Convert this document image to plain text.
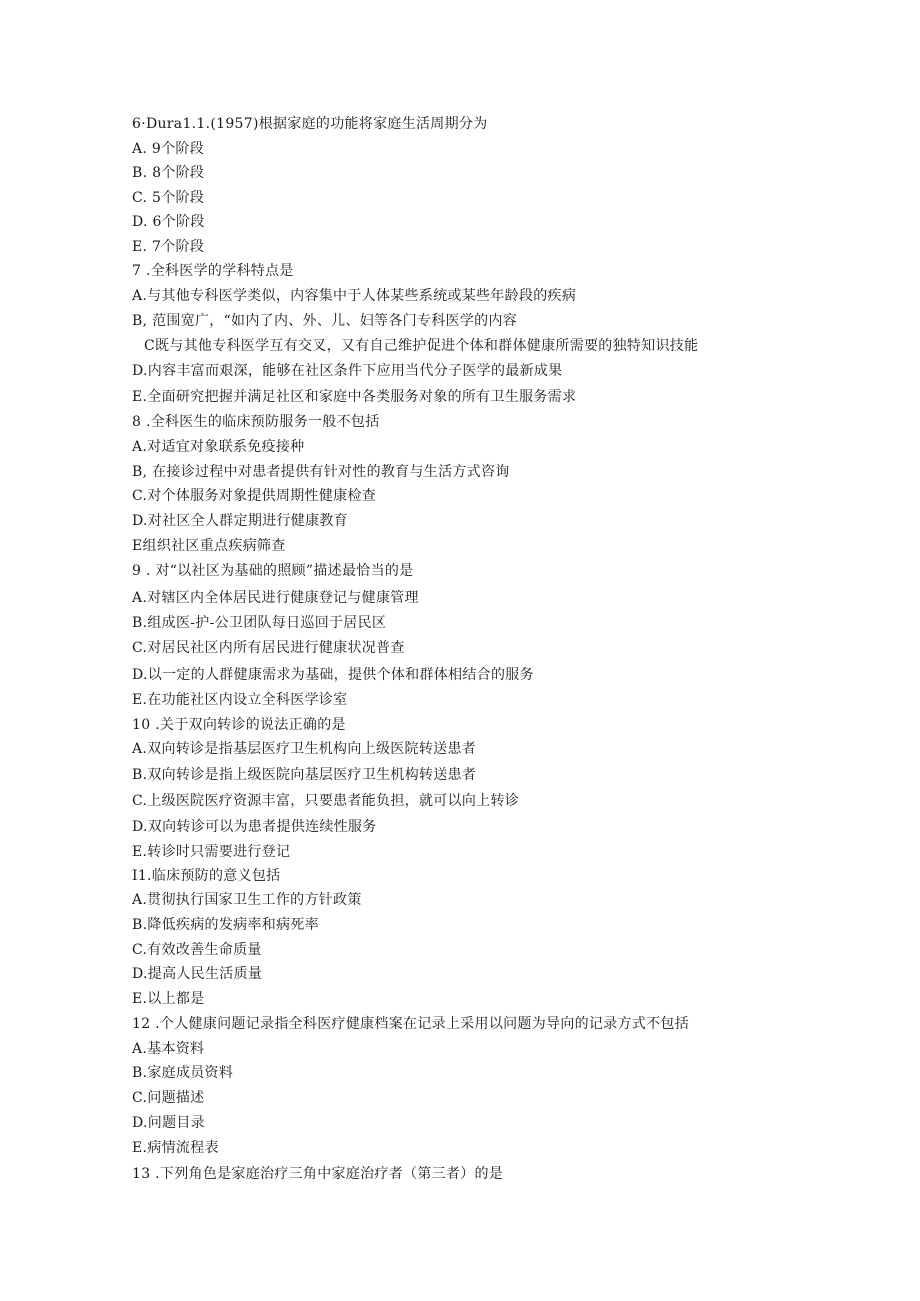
6·Dura1.1.(1957)根据家庭的功能将家庭生活周期分为
A. 9个阶段
B. 8个阶段
C. 5个阶段
D. 6个阶段
E. 7个阶段
7 .全科医学的学科特点是
A.与其他专科医学类似，内容集中于人体某些系统或某些年龄段的疾病
B, 范围宽广，“如内了内、外、儿、妇等各门专科医学的内容
C既与其他专科医学互有交叉，又有自己维护促进个体和群体健康所需要的独特知识技能
D.内容丰富而艰深，能够在社区条件下应用当代分子医学的最新成果
E.全面研究把握并满足社区和家庭中各类服务对象的所有卫生服务需求
8 .全科医生的临床预防服务一般不包括
A.对适宜对象联系免疫接种
B, 在接诊过程中对患者提供有针对性的教育与生活方式咨询
C.对个体服务对象提供周期性健康检查
D.对社区全人群定期进行健康教育
E组织社区重点疾病筛查
9 . 对“以社区为基础的照顾”描述最恰当的是
A.对辖区内全体居民进行健康登记与健康管理
B.组成医-护-公卫团队每日巡回于居民区
C.对居民社区内所有居民进行健康状况普查
D.以一定的人群健康需求为基础，提供个体和群体相结合的服务
E.在功能社区内设立全科医学诊室
10 .关于双向转诊的说法正确的是
A.双向转诊是指基层医疗卫生机构向上级医院转送患者
B.双向转诊是指上级医院向基层医疗卫生机构转送患者
C.上级医院医疗资源丰富，只要患者能负担，就可以向上转诊
D.双向转诊可以为患者提供连续性服务
E.转诊时只需要进行登记
I1.临床预防的意义包括
A.贯彻执行国家卫生工作的方针政策
B.降低疾病的发病率和病死率
C.有效改善生命质量
D.提高人民生活质量
E.以上都是
12 .个人健康问题记录指全科医疗健康档案在记录上采用以问题为导向的记录方式不包括
A.基本资料
B.家庭成员资料
C.问题描述
D.问题目录
E.病情流程表
13 .下列角色是家庭治疗三角中家庭治疗者（第三者）的是
